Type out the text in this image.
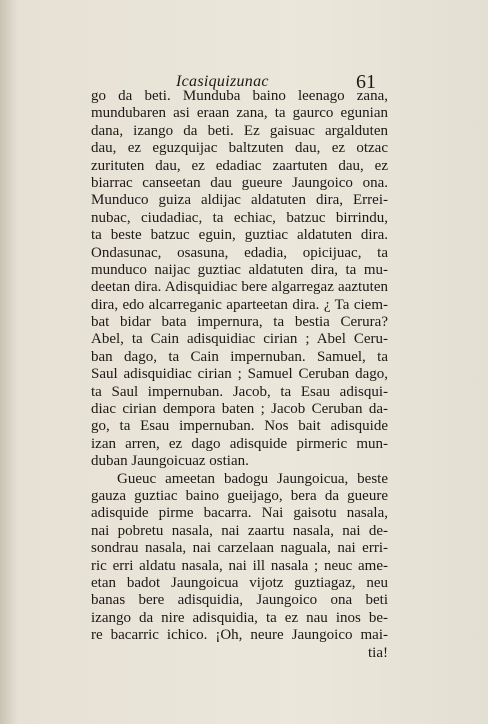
Icasiquizunac	61
go da beti. Munduba baino leenago zana,
mundubaren asi eraan zana, ta gaurco egunian
dana, izango da beti. Ez gaisuac argalduten
dau, ez eguzquijac baltzuten dau, ez otzac
zurituten dau, ez edadiac zaartuten dau, ez
biarrac canseetan dau gueure Jaungoico ona.
Munduco guiza aldijac aldatuten dira, Errei-
nubac, ciudadiac, ta echiac, batzuc birrindu,
ta beste batzuc eguin, guztiac aldatuten dira.
Ondasunac, osasuna, edadia, opicijuac, ta
munduco naijac guztiac aldatuten dira, ta mu-
deetan dira. Adisquidiac bere algarregaz aaztuten
dira, edo alcarreganic aparteetan dira. ¿ Ta ciem-
bat bidar bata impernura, ta bestia Cerura?
Abel, ta Cain adisquidiac cirian ; Abel Ceru-
ban dago, ta Cain impernuban. Samuel, ta
Saul adisquidiac cirian ; Samuel Ceruban dago,
ta Saul impernuban. Jacob, ta Esau adisqui-
diac cirian dempora baten ; Jacob Ceruban da-
go, ta Esau impernuban. Nos bait adisquide
izan arren, ez dago adisquide pirmeric mun-
duban Jaungoicuaz ostian.
Gueuc ameetan badogu Jaungoicua, beste
gauza guztiac baino gueijago, bera da gueure
adisquide pirme bacarra. Nai gaisotu nasala,
nai pobretu nasala, nai zaartu nasala, nai de-
sondrau nasala, nai carzelaan naguala, nai erri-
ric erri aldatu nasala, nai ill nasala ; neuc ame-
etan badot Jaungoicua vijotz guztiagaz, neu
banas bere adisquidia, Jaungoico ona beti
izango da nire adisquidia, ta ez nau inos be-
re bacarric ichico. ¡Oh, neure Jaungoico mai-
tia!
